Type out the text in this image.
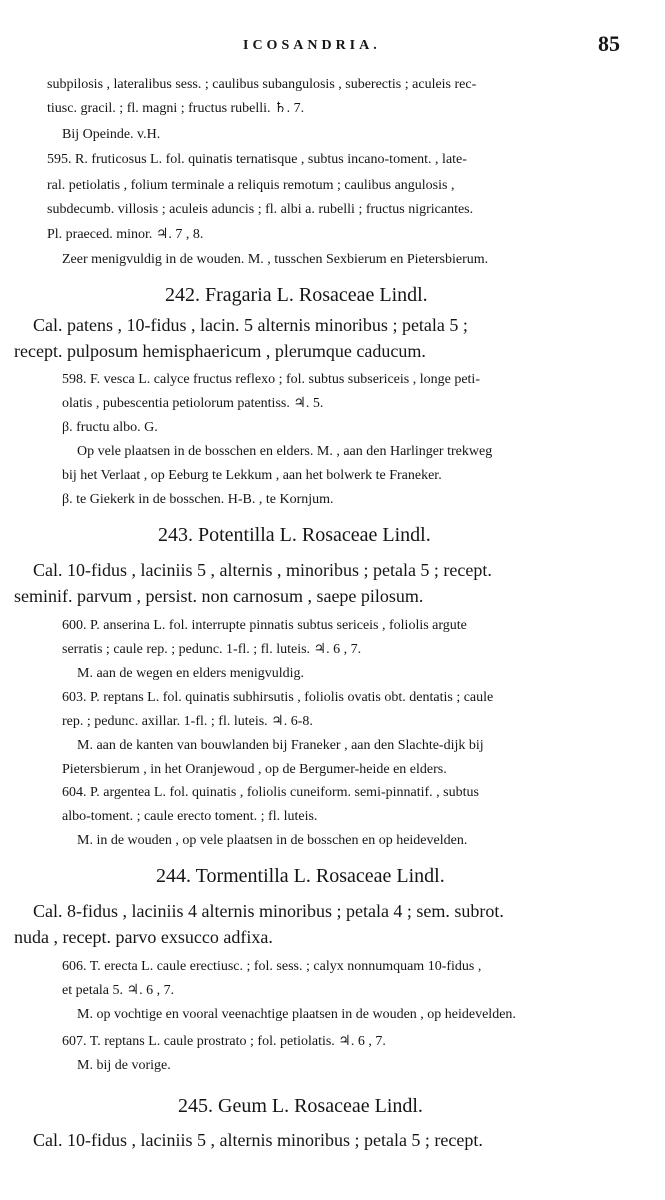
ICOSANDRIA.	85
subpilosis , lateralibus sess. ; caulibus subangulosis , suberectis ; aculeis rec-
tiusc. gracil. ; fl. magni ; fructus rubelli. ♄. 7.
Bij Opeinde. v.H.
595. R. fruticosus L. fol. quinatis ternatisque , subtus incano-toment. , late-
ral. petiolatis , folium terminale a reliquis remotum ; caulibus angulosis ,
subdecumb. villosis ; aculeis aduncis ; fl. albi a. rubelli ; fructus nigricantes.
Pl. praeced. minor. ♃. 7 , 8.
Zeer menigvuldig in de wouden. M. , tusschen Sexbierum en Pietersbierum.
242. Fragaria L. Rosaceae Lindl.
Cal. patens , 10-fidus , lacin. 5 alternis minoribus ; petala 5 ;
recept. pulposum hemisphaericum , plerumque caducum.
598. F. vesca L. calyce fructus reflexo ; fol. subtus subsericeis , longe peti-
olatis , pubescentia petiolorum patentiss. ♃. 5.
β. fructu albo. G.
Op vele plaatsen in de bosschen en elders. M. , aan den Harlinger trekweg
bij het Verlaat , op Eeburg te Lekkum , aan het bolwerk te Franeker.
β. te Giekerk in de bosschen. H-B. , te Kornjum.
243. Potentilla L. Rosaceae Lindl.
Cal. 10-fidus , laciniis 5 , alternis , minoribus ; petala 5 ; recept.
seminif. parvum , persist. non carnosum , saepe pilosum.
600. P. anserina L. fol. interrupte pinnatis subtus sericeis , foliolis argute
serratis ; caule rep. ; pedunc. 1-fl. ; fl. luteis. ♃. 6 , 7.
M. aan de wegen en elders menigvuldig.
603. P. reptans L. fol. quinatis subhirsutis , foliolis ovatis obt. dentatis ; caule
rep. ; pedunc. axillar. 1-fl. ; fl. luteis. ♃. 6-8.
M. aan de kanten van bouwlanden bij Franeker , aan den Slachte-dijk bij
Pietersbierum , in het Oranjewoud , op de Bergumer-heide en elders.
604. P. argentea L. fol. quinatis , foliolis cuneiform. semi-pinnatif. , subtus
albo-toment. ; caule erecto toment. ; fl. luteis.
M. in de wouden , op vele plaatsen in de bosschen en op heidevelden.
244. Tormentilla L. Rosaceae Lindl.
Cal. 8-fidus , laciniis 4 alternis minoribus ; petala 4 ; sem. subrot.
nuda , recept. parvo exsucco adfixa.
606. T. erecta L. caule erectiusc. ; fol. sess. ; calyx nonnumquam 10-fidus ,
et petala 5. ♃. 6 , 7.
M. op vochtige en vooral veenachtige plaatsen in de wouden , op heidevelden.
607. T. reptans L. caule prostrato ; fol. petiolatis. ♃. 6 , 7.
M. bij de vorige.
245. Geum L. Rosaceae Lindl.
Cal. 10-fidus , laciniis 5 , alternis minoribus ; petala 5 ; recept.
